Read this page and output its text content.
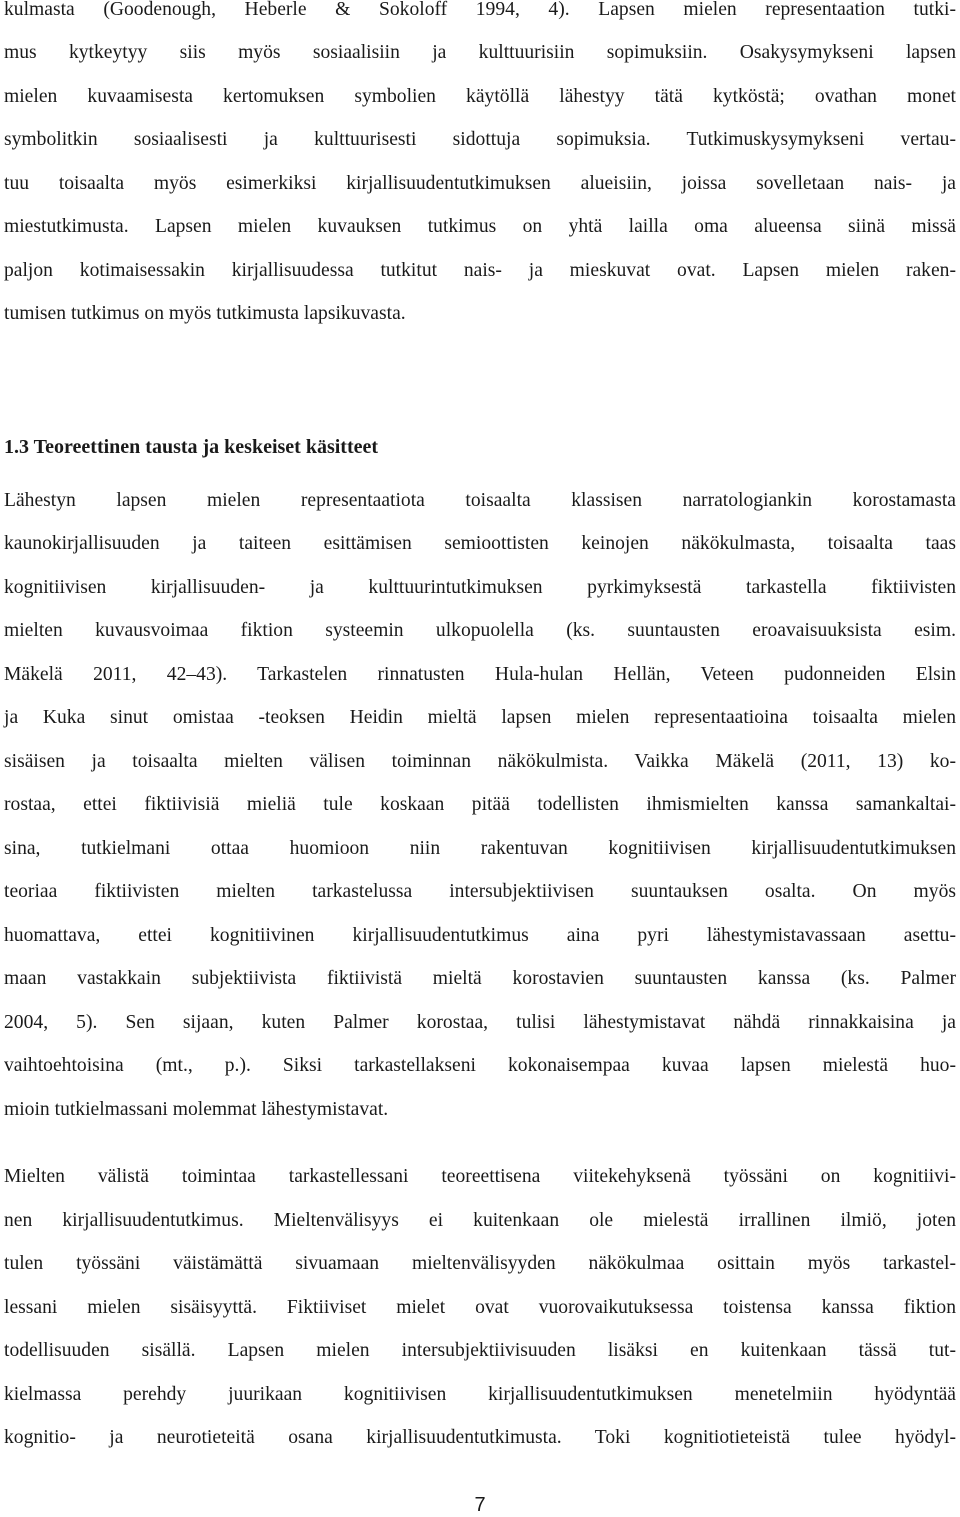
kulmasta (Goodenough, Heberle & Sokoloff 1994, 4). Lapsen mielen representaation tutki-
mus kytkeytyy siis myös sosiaalisiin ja kulttuurisiin sopimuksiin. Osakysymykseni lapsen
mielen kuvaamisesta kertomuksen symbolien käytöllä lähestyy tätä kytköstä; ovathan monet
symbolitkin sosiaalisesti ja kulttuurisesti sidottuja sopimuksia. Tutkimuskysymykseni vertau-
tuu toisaalta myös esimerkiksi kirjallisuudentutkimuksen alueisiin, joissa sovelletaan nais- ja
miestutkimusta. Lapsen mielen kuvauksen tutkimus on yhtä lailla oma alueensa siinä missä
paljon kotimaisessakin kirjallisuudessa tutkitut nais- ja mieskuvat ovat. Lapsen mielen raken-
tumisen tutkimus on myös tutkimusta lapsikuvasta.
1.3 Teoreettinen tausta ja keskeiset käsitteet
Lähestyn lapsen mielen representaatiota toisaalta klassisen narratologiankin korostamasta
kaunokirjallisuuden ja taiteen esittämisen semioottisten keinojen näkökulmasta, toisaalta taas
kognitiivisen kirjallisuuden- ja kulttuurintutkimuksen pyrkimyksestä tarkastella fiktiivisten
mielten kuvausvoimaa fiktion systeemin ulkopuolella (ks. suuntausten eroavaisuuksista esim.
Mäkelä 2011, 42–43). Tarkastelen rinnatusten Hula-hulan Hellän, Veteen pudonneiden Elsin
ja Kuka sinut omistaa -teoksen Heidin mieltä lapsen mielen representaatioina toisaalta mielen
sisäisen ja toisaalta mielten välisen toiminnan näkökulmista. Vaikka Mäkelä (2011, 13) ko-
rostaa, ettei fiktiivisiä mieliä tule koskaan pitää todellisten ihmismielten kanssa samankaltai-
sina, tutkielmani ottaa huomioon niin rakentuvan kognitiivisen kirjallisuudentutkimuksen
teoriaa fiktiivisten mielten tarkastelussa intersubjektiivisen suuntauksen osalta. On myös
huomattava, ettei kognitiivinen kirjallisuudentutkimus aina pyri lähestymistavassaan asettu-
maan vastakkain subjektiivista fiktiivistä mieltä korostavien suuntausten kanssa (ks. Palmer
2004, 5). Sen sijaan, kuten Palmer korostaa, tulisi lähestymistavat nähdä rinnakkaisina ja
vaihtoehtoisina (mt., p.). Siksi tarkastellakseni kokonaisempaa kuvaa lapsen mielestä huo-
mioin tutkielmassani molemmat lähestymistavat.
Mielten välistä toimintaa tarkastellessani teoreettisena viitekehyksenä työssäni on kognitiivi-
nen kirjallisuudentutkimus. Mieltenvälisyys ei kuitenkaan ole mielestä irrallinen ilmiö, joten
tulen työssäni väistämättä sivuamaan mieltenvälisyyden näkökulmaa osittain myös tarkastel-
lessani mielen sisäisyyttä. Fiktiiviset mielet ovat vuorovaikutuksessa toistensa kanssa fiktion
todellisuuden sisällä. Lapsen mielen intersubjektiivisuuden lisäksi en kuitenkaan tässä tut-
kielmassa perehdy juurikaan kognitiivisen kirjallisuudentutkimuksen menetelmiin hyödyntää
kognitio- ja neurotieteitä osana kirjallisuudentutkimusta. Toki kognitiotieteistä tulee hyödyl-
7
